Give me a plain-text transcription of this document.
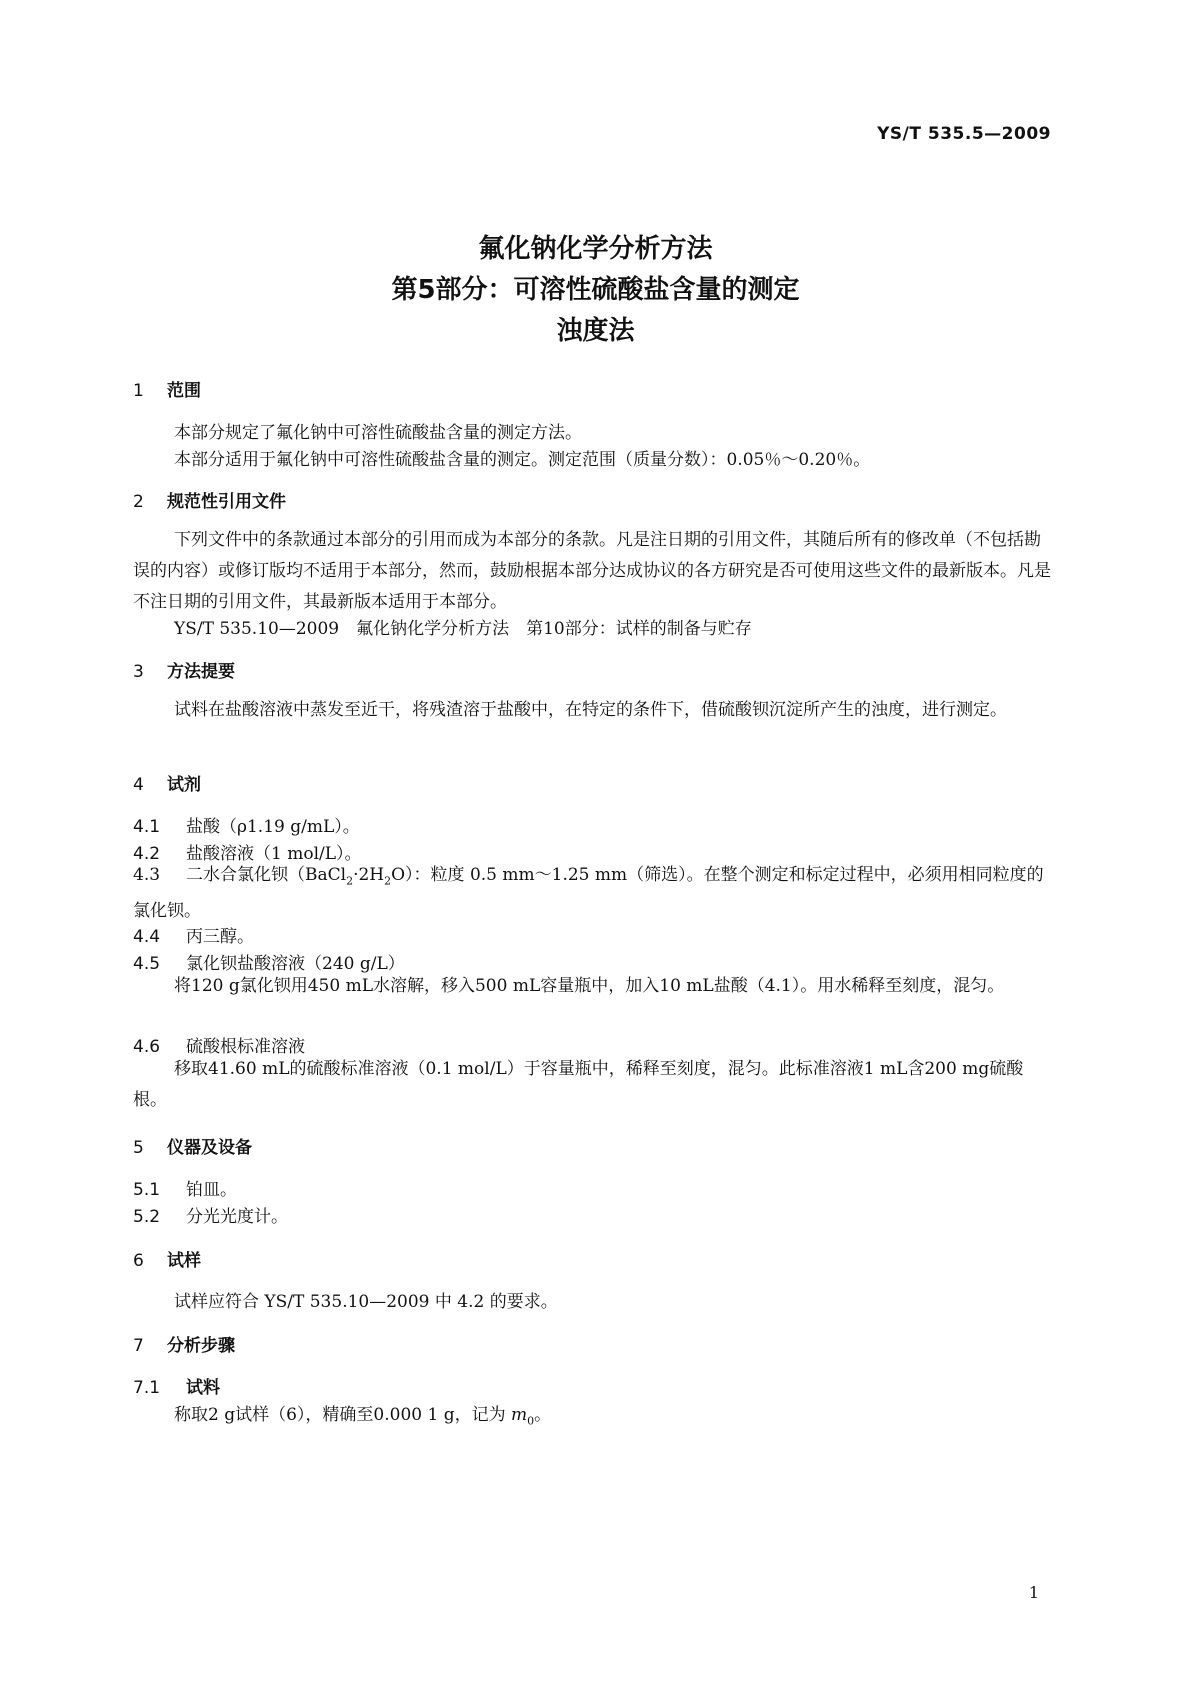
YS/T 535.5—2009
氟化钠化学分析方法
第5部分：可溶性硫酸盐含量的测定
浊度法
1 范围
本部分规定了氟化钠中可溶性硫酸盐含量的测定方法。
本部分适用于氟化钠中可溶性硫酸盐含量的测定。测定范围（质量分数）：0.05％～0.20％。
2 规范性引用文件
下列文件中的条款通过本部分的引用而成为本部分的条款。凡是注日期的引用文件，其随后所有的修改单（不包括勘误的内容）或修订版均不适用于本部分，然而，鼓励根据本部分达成协议的各方研究是否可使用这些文件的最新版本。凡是不注日期的引用文件，其最新版本适用于本部分。
YS/T 535.10—2009　氟化钠化学分析方法　第10部分：试样的制备与贮存
3 方法提要
试料在盐酸溶液中蒸发至近干，将残渣溶于盐酸中，在特定的条件下，借硫酸钡沉淀所产生的浊度，进行测定。
4 试剂
4.1 盐酸（ρ1.19 g/mL）。
4.2 盐酸溶液（1 mol/L）。
4.3 二水合氯化钡$(BaCl_2\cdot 2H_2O)$：粒度 0.5 mm～1.25 mm（筛选）。在整个测定和标定过程中，必须用相同粒度的氯化钡。
4.4 丙三醇。
4.5 氯化钡盐酸溶液（240 g/L）
将120 g氯化钡用450 mL水溶解，移入500 mL容量瓶中，加入10 mL盐酸（4.1）。用水稀释至刻度，混匀。
4.6 硫酸根标准溶液
移取41.60 mL的硫酸标准溶液（0.1 mol/L）于容量瓶中，稀释至刻度，混匀。此标准溶液1 mL含200 mg硫酸根。
5 仪器及设备
5.1 铂皿。
5.2 分光光度计。
6 试样
试样应符合 YS/T 535.10—2009 中 4.2 的要求。
7 分析步骤
7.1 试料
称取2 g试样（6），精确至0.000 1 g，记为 $m_0$。
1
